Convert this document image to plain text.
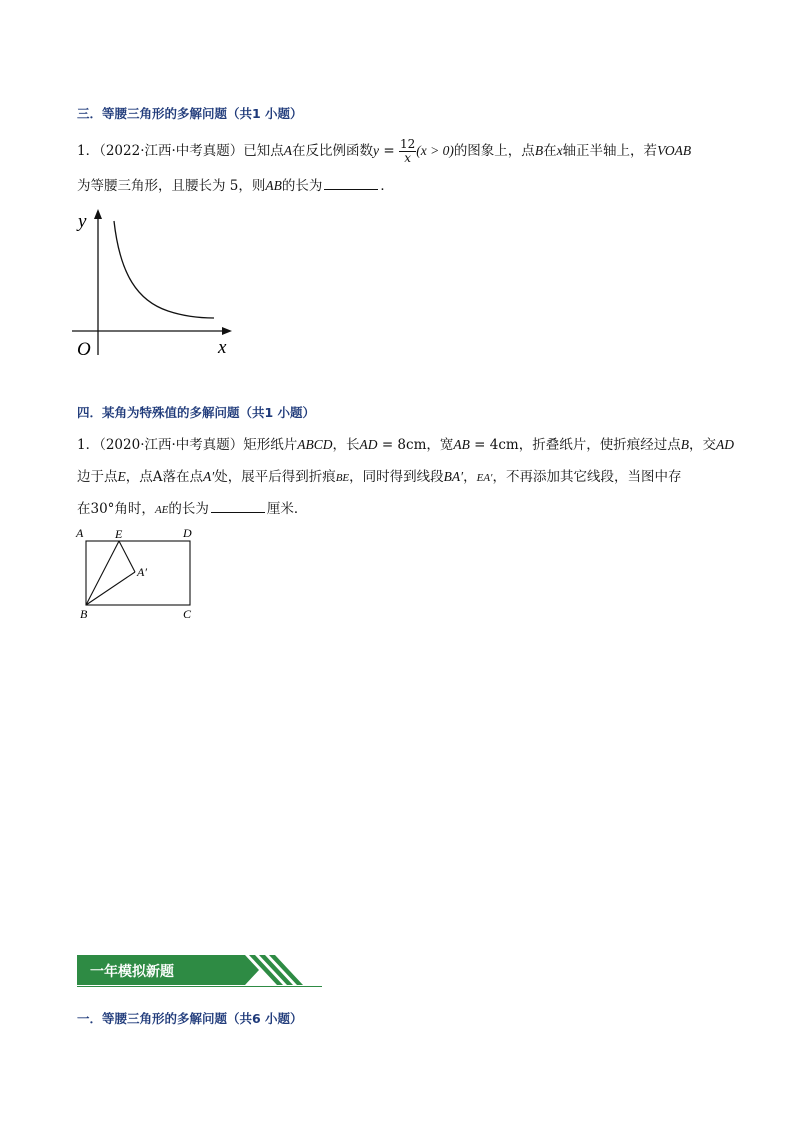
三．等腰三角形的多解问题（共1 小题）
1．（2022·江西·中考真题）已知点A在反比例函数$y = \frac{12}{x} (x > 0)$的图象上，点B在x轴正半轴上，若VOAB
为等腰三角形，且腰长为 5，则AB的长为	．
y
x
O
四．某角为特殊值的多解问题（共1 小题）
1．（2020·江西·中考真题）矩形纸片ABCD，长AD = 8cm，宽AB = 4cm，折叠纸片，使折痕经过点B，交AD
边于点E，点A落在点A′处，展平后得到折痕BE，同时得到线段BA′，EA′，不再添加其它线段，当图中存
在30°角时，AE的长为	厘米．
A	E	D
A′
B	C
一年模拟新题
一．等腰三角形的多解问题（共6 小题）
